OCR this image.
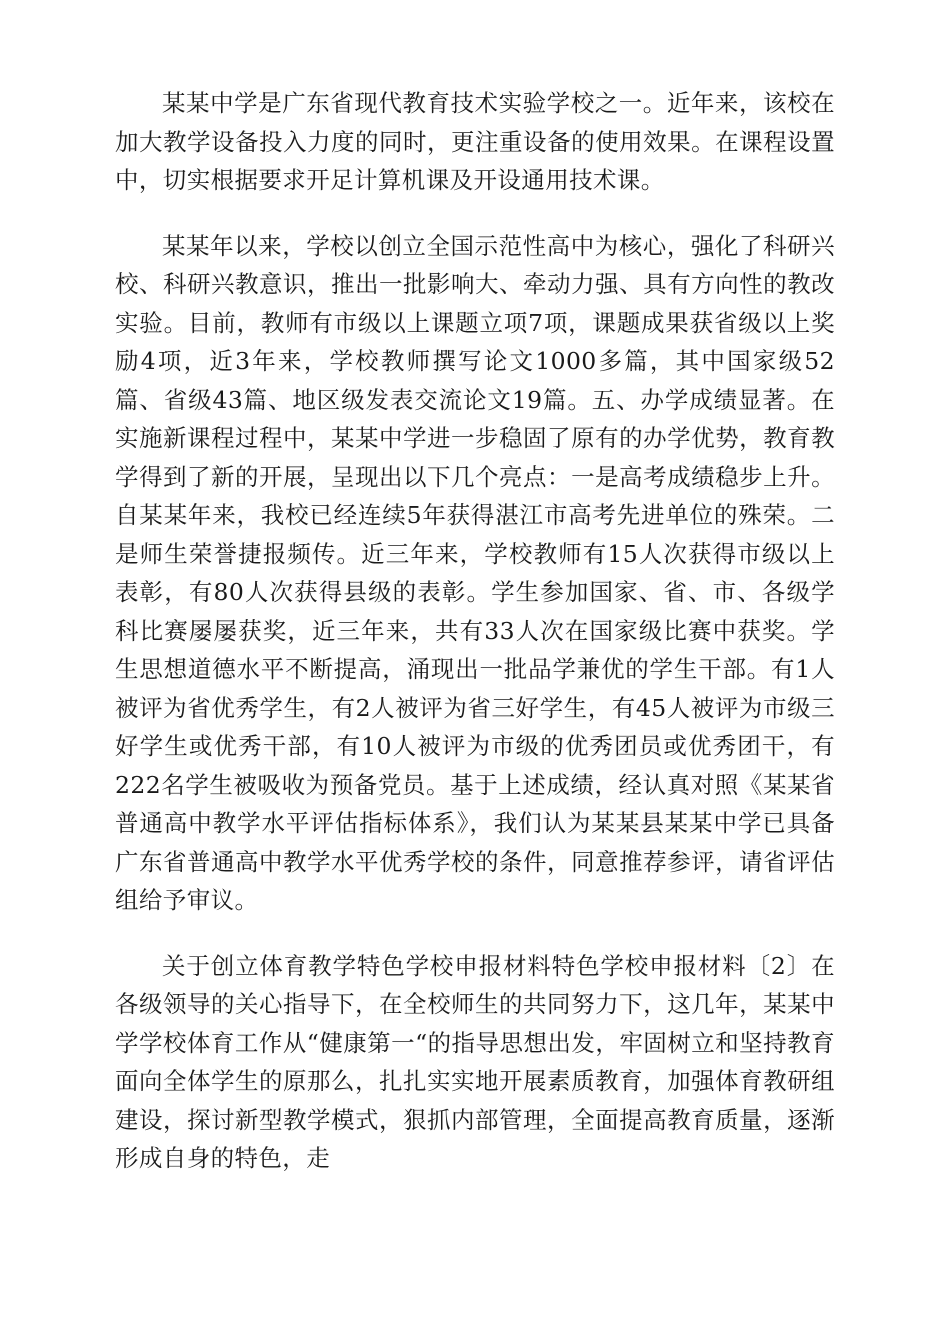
某某中学是广东省现代教育技术实验学校之一。近年来，该校在加大教学设备投入力度的同时，更注重设备的使用效果。在课程设置中，切实根据要求开足计算机课及开设通用技术课。

某某年以来，学校以创立全国示范性高中为核心，强化了科研兴校、科研兴教意识，推出一批影响大、牵动力强、具有方向性的教改实验。目前，教师有市级以上课题立项7项，课题成果获省级以上奖励4项，近3年来，学校教师撰写论文1000多篇，其中国家级52篇、省级43篇、地区级发表交流论文19篇。五、办学成绩显著。在实施新课程过程中，某某中学进一步稳固了原有的办学优势，教育教学得到了新的开展，呈现出以下几个亮点：一是高考成绩稳步上升。自某某年来，我校已经连续5年获得湛江市高考先进单位的殊荣。二是师生荣誉捷报频传。近三年来，学校教师有15人次获得市级以上表彰，有80人次获得县级的表彰。学生参加国家、省、市、各级学科比赛屡屡获奖，近三年来，共有33人次在国家级比赛中获奖。学生思想道德水平不断提高，涌现出一批品学兼优的学生干部。有1人被评为省优秀学生，有2人被评为省三好学生，有45人被评为市级三好学生或优秀干部，有10人被评为市级的优秀团员或优秀团干，有222名学生被吸收为预备党员。基于上述成绩，经认真对照《某某省普通高中教学水平评估指标体系》，我们认为某某县某某中学已具备广东省普通高中教学水平优秀学校的条件，同意推荐参评，请省评估组给予审议。

关于创立体育教学特色学校申报材料特色学校申报材料〔2〕在各级领导的关心指导下，在全校师生的共同努力下，这几年，某某中学学校体育工作从“健康第一“的指导思想出发，牢固树立和坚持教育面向全体学生的原那么，扎扎实实地开展素质教育，加强体育教研组建设，探讨新型教学模式，狠抓内部管理，全面提高教育质量，逐渐形成自身的特色，走
